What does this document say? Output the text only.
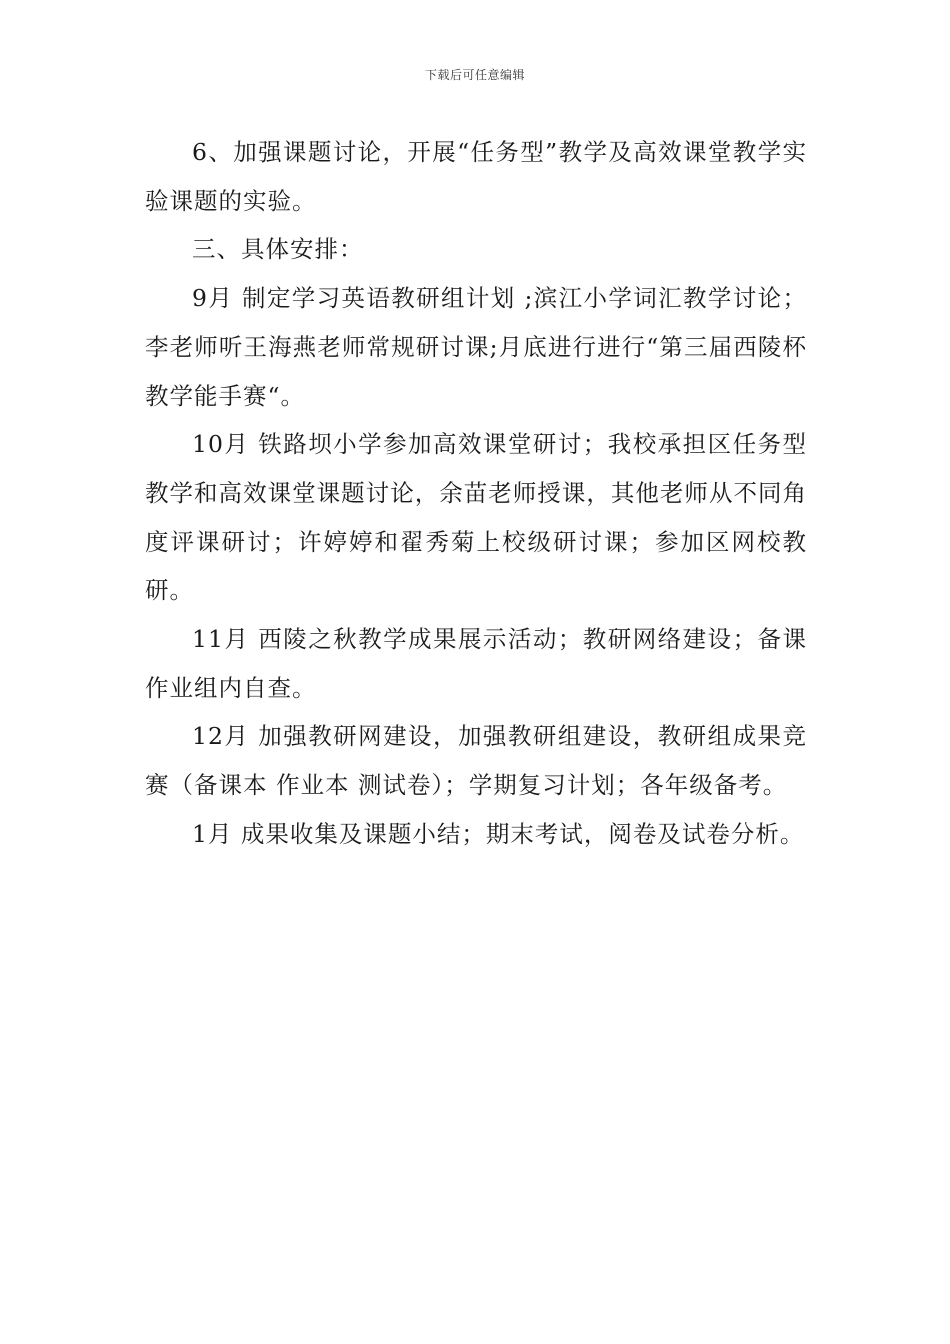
下载后可任意编辑

6、加强课题讨论，开展“任务型”教学及高效课堂教学实验课题的实验。

三、具体安排：

9月 制定学习英语教研组计划 ;滨江小学词汇教学讨论；李老师听王海燕老师常规研讨课;月底进行进行“第三届西陵杯教学能手赛“。

10月 铁路坝小学参加高效课堂研讨；我校承担区任务型教学和高效课堂课题讨论，余苗老师授课，其他老师从不同角度评课研讨；许婷婷和翟秀菊上校级研讨课；参加区网校教研。

11月 西陵之秋教学成果展示活动；教研网络建设；备课作业组内自查。

12月 加强教研网建设，加强教研组建设，教研组成果竞赛（备课本 作业本 测试卷）；学期复习计划；各年级备考。

1月 成果收集及课题小结；期末考试，阅卷及试卷分析。
